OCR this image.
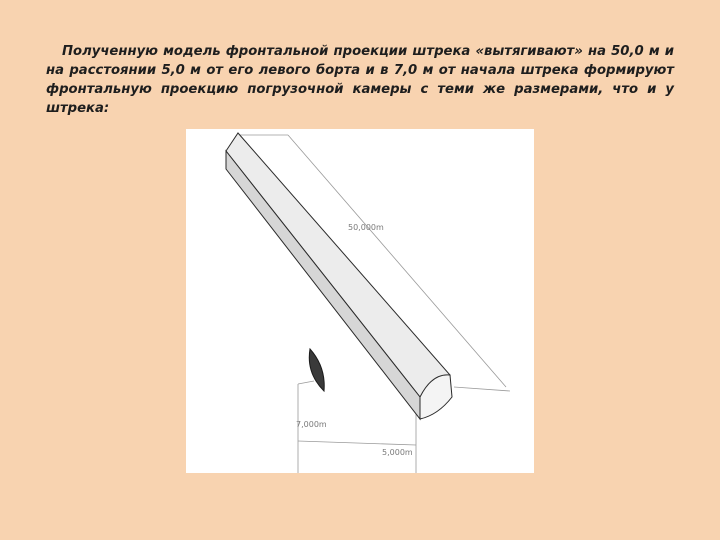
Полученную модель фронтальной проекции штрека «вытягивают» на 50,0 м и на расстоянии 5,0 м от его левого борта и в 7,0 м от начала штрека формируют фронтальную проекцию погрузочной камеры с теми же размерами, что и у штрека:

50,000m
7,000m
5,000m
